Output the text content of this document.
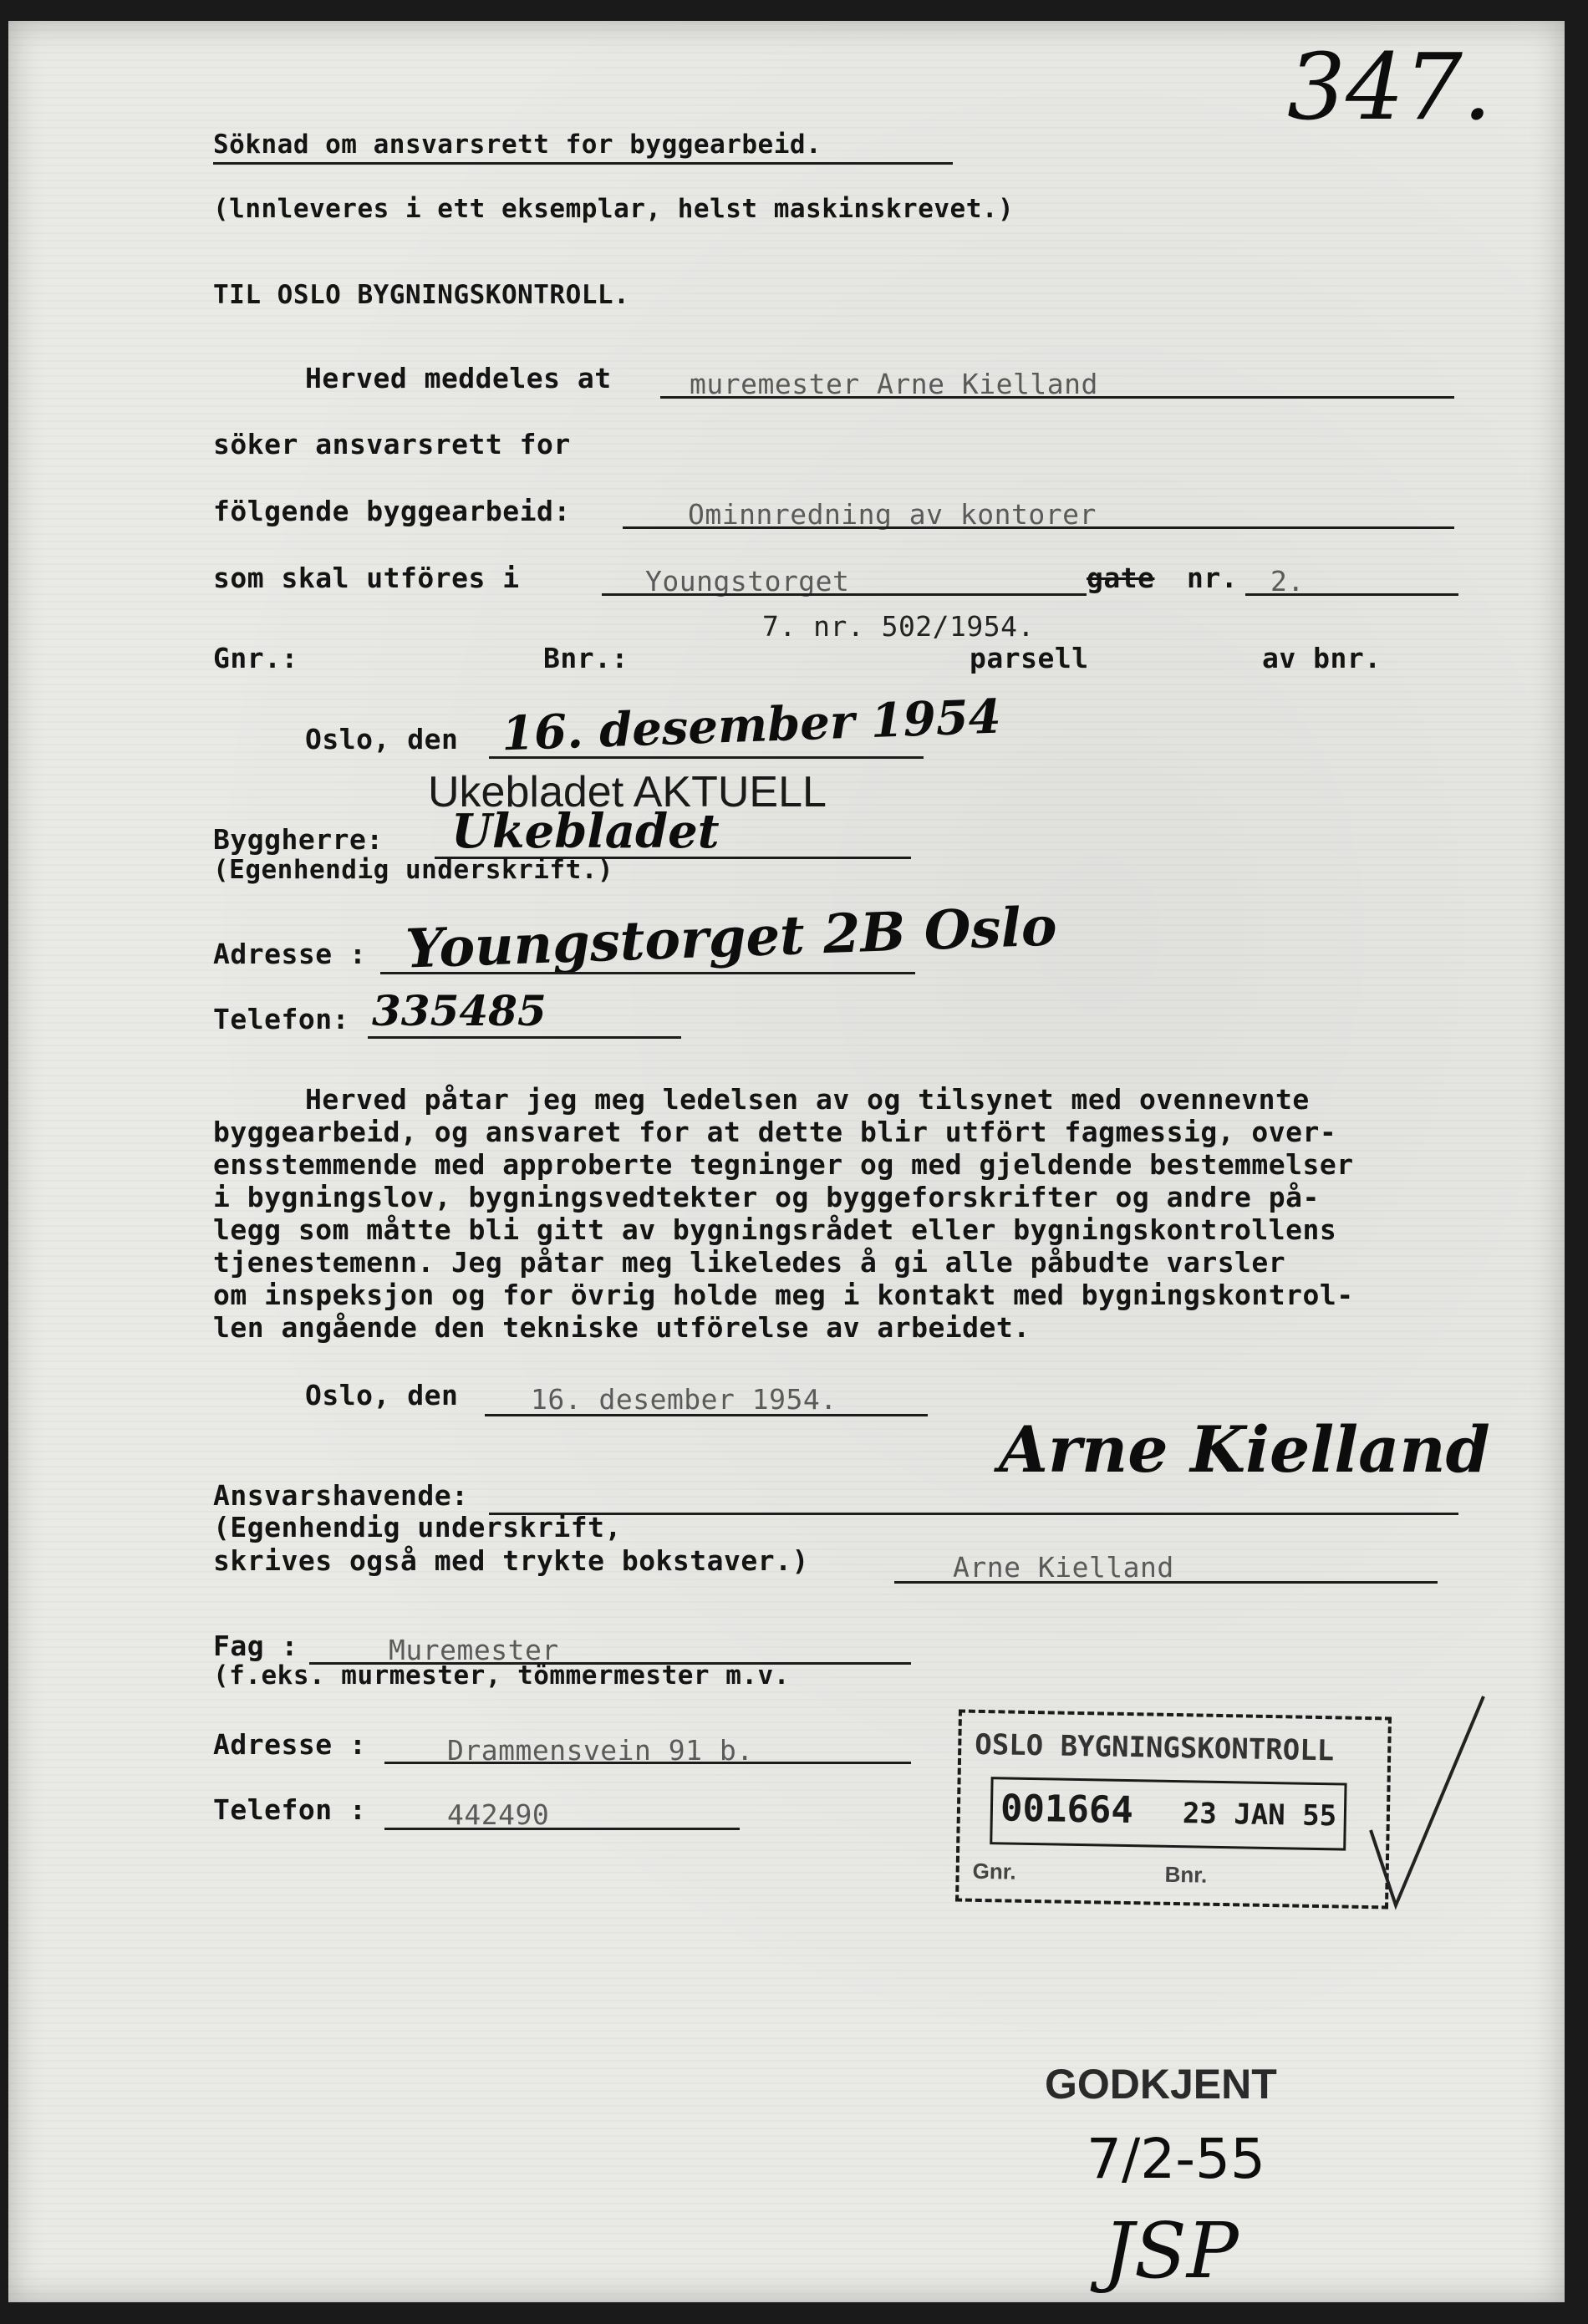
347.
Söknad om ansvarsrett for byggearbeid.
(lnnleveres i ett eksemplar, helst maskinskrevet.)
TIL OSLO BYGNINGSKONTROLL.
Herved meddeles at	muremester Arne Kielland
söker ansvarsrett for
fölgende byggearbeid:	Ominnredning av kontorer
som skal utföres i	Youngstorget	gate nr. 2.
7. nr. 502/1954.
Gnr.:	Bnr.:	parsell	av bnr.
Oslo, den 16. desember 1954
Ukebladet AKTUELL
Byggherre: Ukebladet
(Egenhendig underskrift.)
Adresse : Youngstorget 2B Oslo
Telefon: 335485
Herved påtar jeg meg ledelsen av og tilsynet med ovennevnte
byggearbeid, og ansvaret for at dette blir utfört fagmessig, over-
ensstemmende med approberte tegninger og med gjeldende bestemmelser
i bygningslov, bygningsvedtekter og byggeforskrifter og andre på-
legg som måtte bli gitt av bygningsrådet eller bygningskontrollens
tjenestemenn. Jeg påtar meg likeledes å gi alle påbudte varsler
om inspeksjon og for övrig holde meg i kontakt med bygningskontrol-
len angående den tekniske utförelse av arbeidet.
Oslo, den	16. desember 1954.
Arne Kielland
Ansvarshavende:
(Egenhendig underskrift,
skrives også med trykte bokstaver.)	Arne Kielland
Fag :	Muremester
(f.eks. murmester, tömmermester m.v.
Adresse :	Drammensvein 91 b.
Telefon :	442490
OSLO BYGNINGSKONTROLL
001664 23 JAN 55
Gnr.	Bnr.
GODKJENT
7/2-55
JSP
